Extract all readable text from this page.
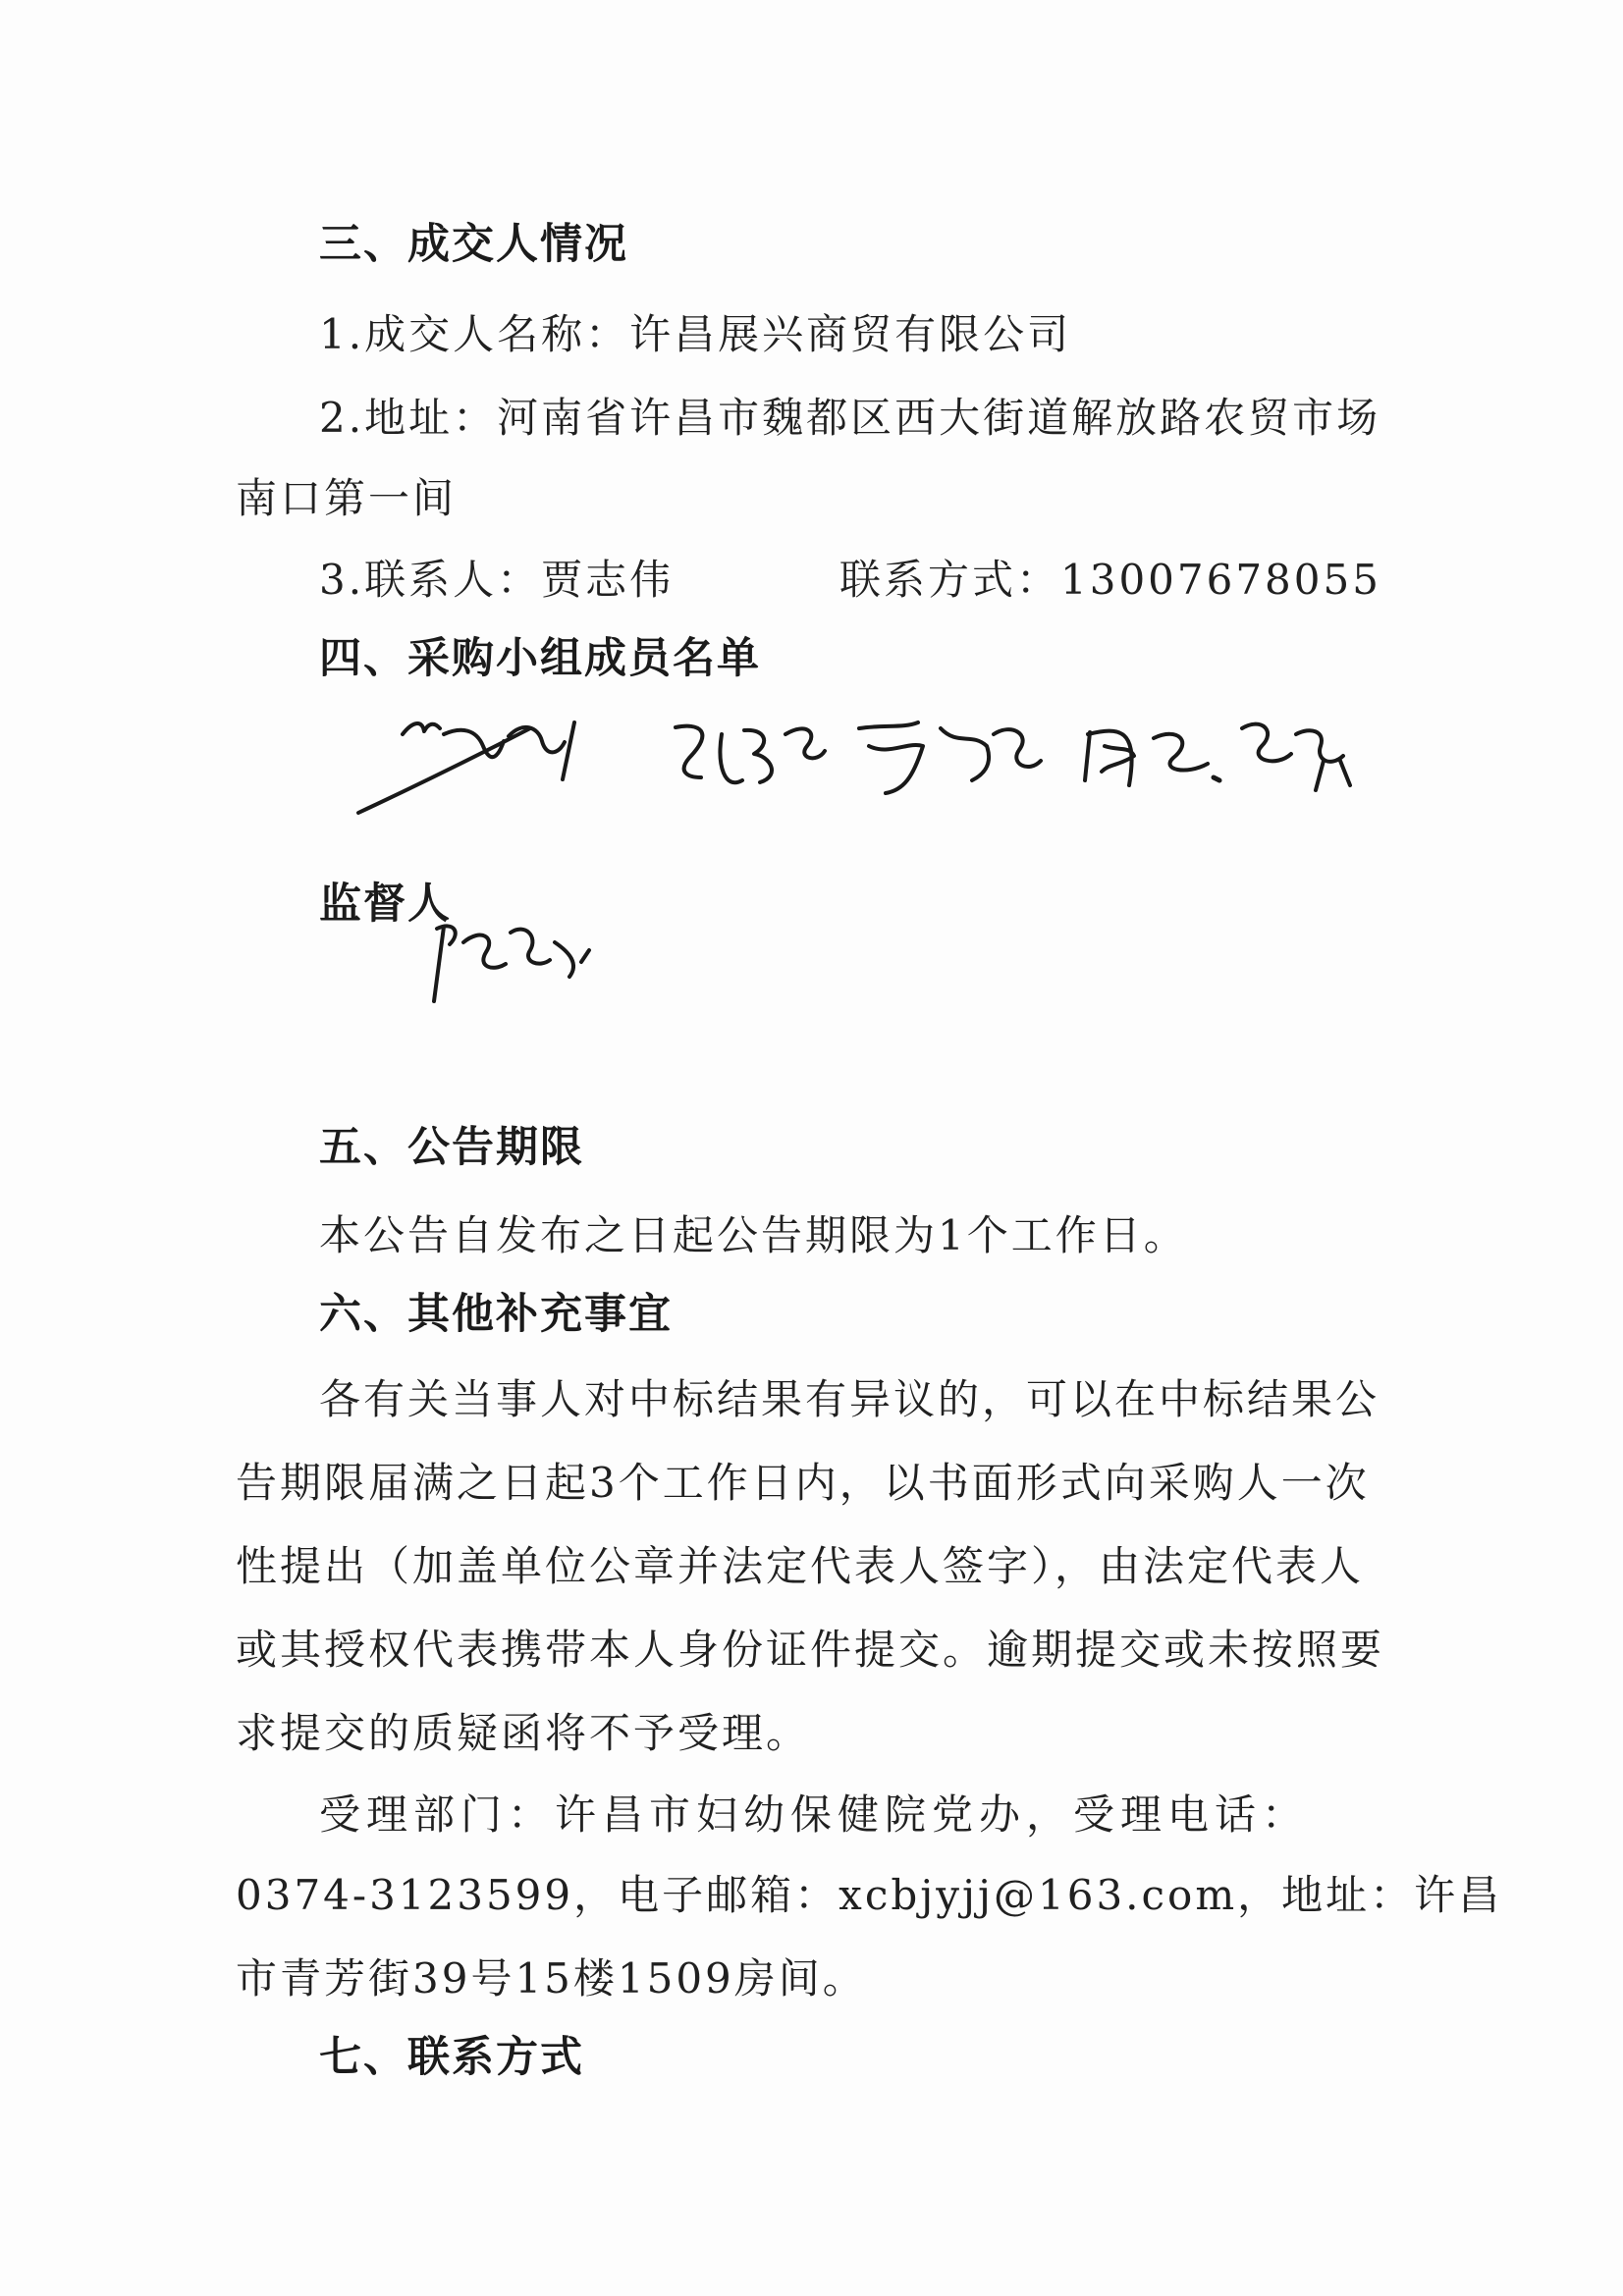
三、成交人情况
1.成交人名称：许昌展兴商贸有限公司
2.地址：河南省许昌市魏都区西大街道解放路农贸市场
南口第一间
3.联系人：贾志伟	联系方式：13007678055
四、采购小组成员名单
监督人
五、公告期限
本公告自发布之日起公告期限为1个工作日。
六、其他补充事宜
各有关当事人对中标结果有异议的，可以在中标结果公
告期限届满之日起3个工作日内，以书面形式向采购人一次
性提出（加盖单位公章并法定代表人签字），由法定代表人
或其授权代表携带本人身份证件提交。逾期提交或未按照要
求提交的质疑函将不予受理。
受理部门：许昌市妇幼保健院党办，受理电话：
0374-3123599，电子邮箱：xcbjyjj@163.com，地址：许昌
市青芳街39号15楼1509房间。
七、联系方式
